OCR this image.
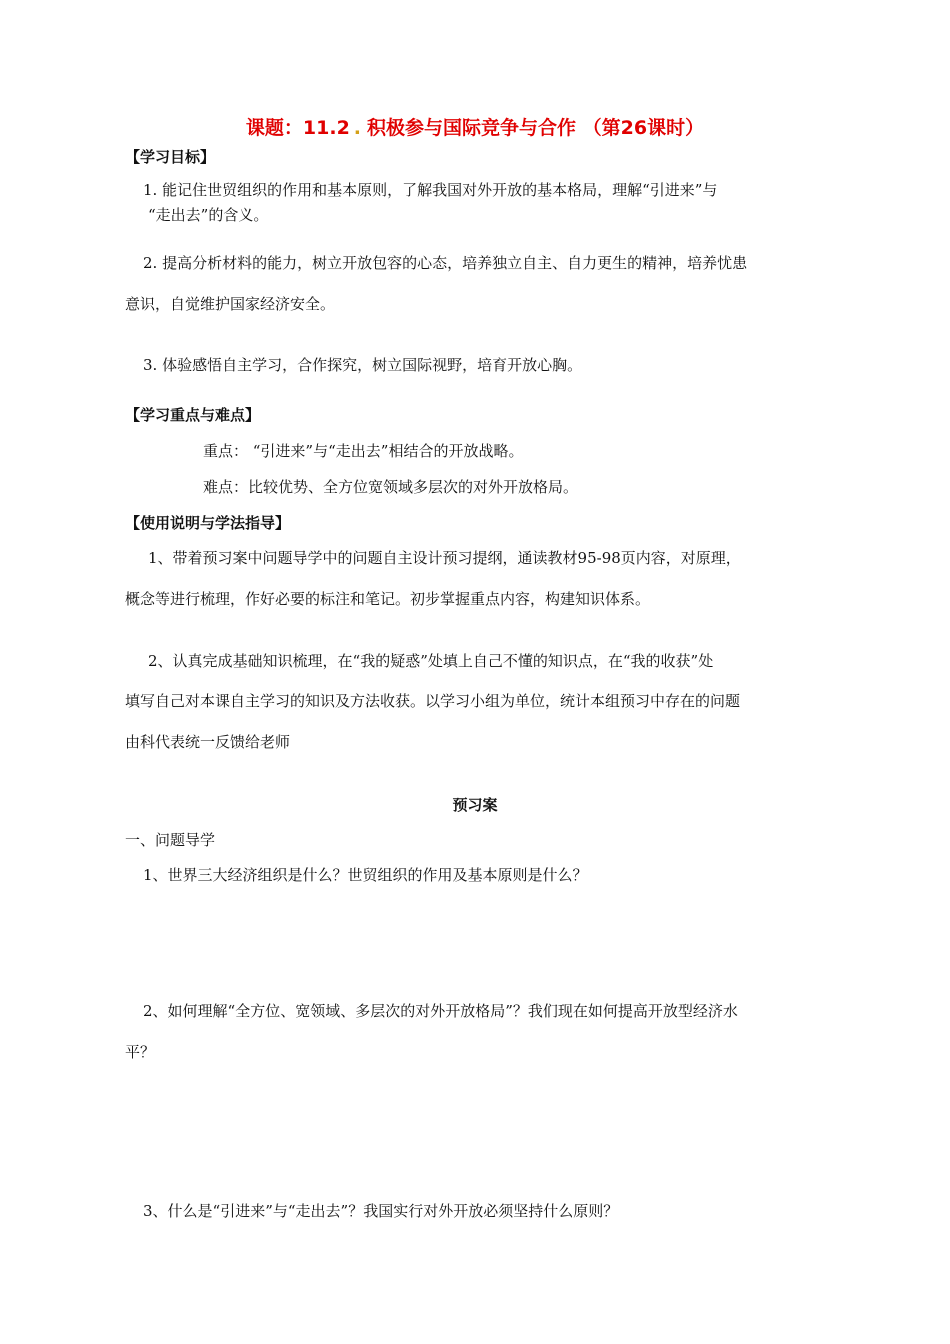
课题：11.2 . 积极参与国际竞争与合作 （第26课时）
【学习目标】
1. 能记住世贸组织的作用和基本原则，了解我国对外开放的基本格局，理解“引进来”与
“走出去”的含义。
2. 提高分析材料的能力，树立开放包容的心态，培养独立自主、自力更生的精神，培养忧患
意识，自觉维护国家经济安全。
3. 体验感悟自主学习，合作探究，树立国际视野，培育开放心胸。
【学习重点与难点】
重点： “引进来”与“走出去”相结合的开放战略。
难点：比较优势、全方位宽领域多层次的对外开放格局。
【使用说明与学法指导】
1、带着预习案中问题导学中的问题自主设计预习提纲，通读教材95-98页内容，对原理，
概念等进行梳理，作好必要的标注和笔记。初步掌握重点内容，构建知识体系。
2、认真完成基础知识梳理，在“我的疑惑”处填上自己不懂的知识点，在“我的收获”处
填写自己对本课自主学习的知识及方法收获。以学习小组为单位，统计本组预习中存在的问题
由科代表统一反馈给老师
预习案
一、问题导学
1、世界三大经济组织是什么？世贸组织的作用及基本原则是什么？
2、如何理解“全方位、宽领域、多层次的对外开放格局”？我们现在如何提高开放型经济水
平？
3、什么是“引进来”与“走出去”？我国实行对外开放必须坚持什么原则？
